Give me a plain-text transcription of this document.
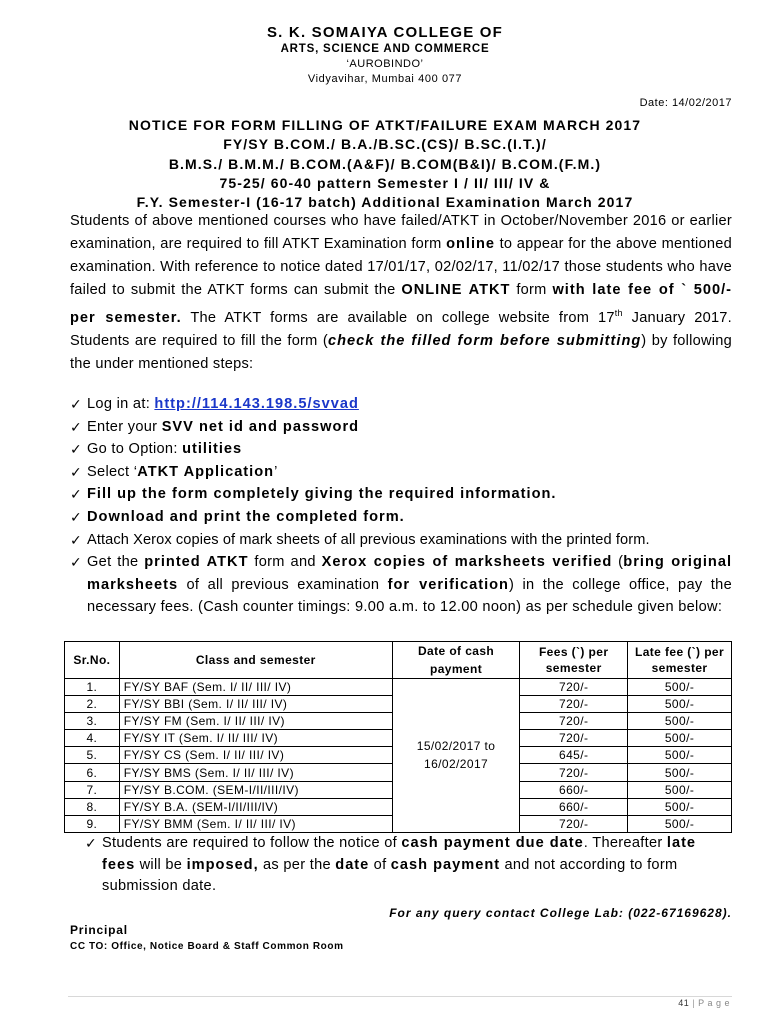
S. K. SOMAIYA COLLEGE OF
ARTS, SCIENCE AND COMMERCE
‘AUROBINDO’
Vidyavihar, Mumbai 400 077
Date: 14/02/2017
NOTICE FOR FORM FILLING OF ATKT/FAILURE EXAM MARCH 2017
FY/SY B.COM./ B.A./B.SC.(CS)/ B.SC.(I.T.)/
B.M.S./ B.M.M./ B.COM.(A&F)/ B.COM(B&I)/ B.COM.(F.M.)
75-25/ 60-40 pattern Semester I / II/ III/ IV &
F.Y. Semester-I (16-17 batch) Additional Examination March 2017
Students of above mentioned courses who have failed/ATKT in October/November 2016 or earlier examination, are required to fill ATKT Examination form online to appear for the above mentioned examination. With reference to notice dated 17/01/17, 02/02/17, 11/02/17 those students who have failed to submit the ATKT forms can submit the ONLINE ATKT form with late fee of ` 500/- per semester. The ATKT forms are available on college website from 17th January 2017. Students are required to fill the form (check the filled form before submitting) by following the under mentioned steps:
✓ Log in at: http://114.143.198.5/svvad
✓ Enter your SVV net id and password
✓ Go to Option: utilities
✓ Select ‘ATKT Application’
✓ Fill up the form completely giving the required information.
✓ Download and print the completed form.
✓ Attach Xerox copies of mark sheets of all previous examinations with the printed form.
✓ Get the printed ATKT form and Xerox copies of marksheets verified (bring original marksheets of all previous examination for verification) in the college office, pay the necessary fees. (Cash counter timings: 9.00 a.m. to 12.00 noon) as per schedule given below:
Sr.No.	Class and semester	Date of cash payment	Fees (`) per semester	Late fee (`) per semester
1.	FY/SY BAF (Sem. I/ II/ III/ IV)	15/02/2017 to 16/02/2017	720/-	500/-
2.	FY/SY BBI (Sem. I/ II/ III/ IV)		720/-	500/-
3.	FY/SY FM (Sem. I/ II/ III/ IV)		720/-	500/-
4.	FY/SY IT (Sem. I/ II/ III/ IV)		720/-	500/-
5.	FY/SY CS (Sem. I/ II/ III/ IV)		645/-	500/-
6.	FY/SY BMS (Sem. I/ II/ III/ IV)		720/-	500/-
7.	FY/SY B.COM. (SEM-I/II/III/IV)		660/-	500/-
8.	FY/SY B.A. (SEM-I/II/III/IV)		660/-	500/-
9.	FY/SY BMM (Sem. I/ II/ III/ IV)		720/-	500/-
✓ Students are required to follow the notice of cash payment due date. Thereafter late fees will be imposed, as per the date of cash payment and not according to form submission date.
For any query contact College Lab: (022-67169628).
Principal
CC TO: Office, Notice Board & Staff Common Room
41 | P a g e
